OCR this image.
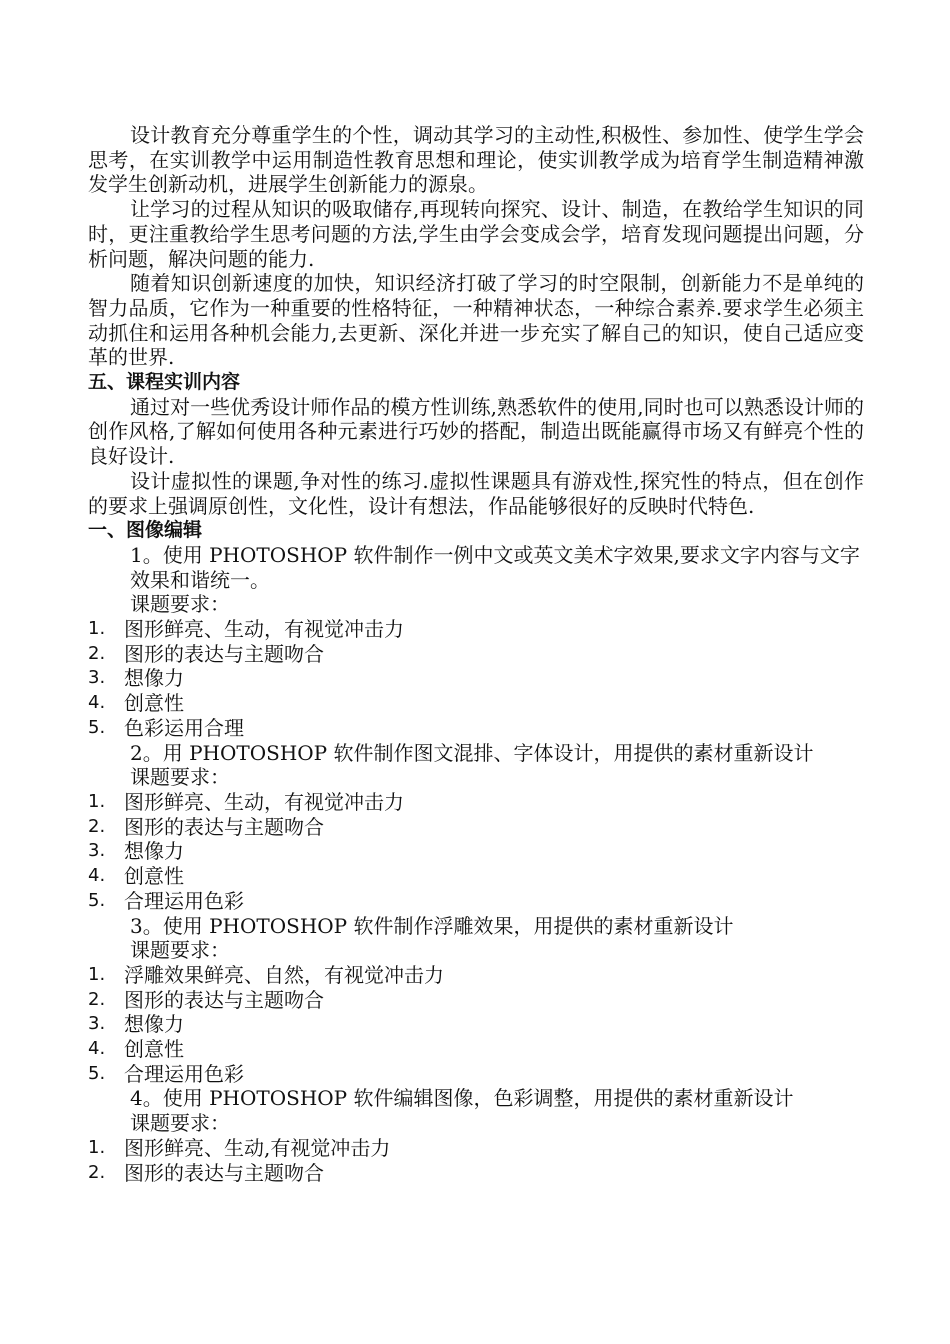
设计教育充分尊重学生的个性，调动其学习的主动性,积极性、参加性、使学生学会思考，在实训教学中运用制造性教育思想和理论，使实训教学成为培育学生制造精神激发学生创新动机，进展学生创新能力的源泉。

让学习的过程从知识的吸取储存,再现转向探究、设计、制造，在教给学生知识的同时，更注重教给学生思考问题的方法,学生由学会变成会学，培育发现问题提出问题，分析问题，解决问题的能力.

随着知识创新速度的加快，知识经济打破了学习的时空限制，创新能力不是单纯的智力品质，它作为一种重要的性格特征，一种精神状态，一种综合素养.要求学生必须主动抓住和运用各种机会能力,去更新、深化并进一步充实了解自己的知识，使自己适应变革的世界.

五、课程实训内容

通过对一些优秀设计师作品的模方性训练,熟悉软件的使用,同时也可以熟悉设计师的创作风格,了解如何使用各种元素进行巧妙的搭配，制造出既能赢得市场又有鲜亮个性的良好设计.

设计虚拟性的课题,争对性的练习.虚拟性课题具有游戏性,探究性的特点，但在创作的要求上强调原创性，文化性，设计有想法，作品能够很好的反映时代特色.

一、图像编辑

1。使用 PHOTOSHOP 软件制作一例中文或英文美术字效果,要求文字内容与文字效果和谐统一。

课题要求：

1. 图形鲜亮、生动，有视觉冲击力
2. 图形的表达与主题吻合
3. 想像力
4. 创意性
5. 色彩运用合理

2。用 PHOTOSHOP 软件制作图文混排、字体设计，用提供的素材重新设计

课题要求：

1. 图形鲜亮、生动，有视觉冲击力
2. 图形的表达与主题吻合
3. 想像力
4. 创意性
5. 合理运用色彩

3。使用 PHOTOSHOP 软件制作浮雕效果，用提供的素材重新设计

课题要求：

1. 浮雕效果鲜亮、自然，有视觉冲击力
2. 图形的表达与主题吻合
3. 想像力
4. 创意性
5. 合理运用色彩

4。使用 PHOTOSHOP 软件编辑图像，色彩调整，用提供的素材重新设计

课题要求：

1. 图形鲜亮、生动,有视觉冲击力
2. 图形的表达与主题吻合
